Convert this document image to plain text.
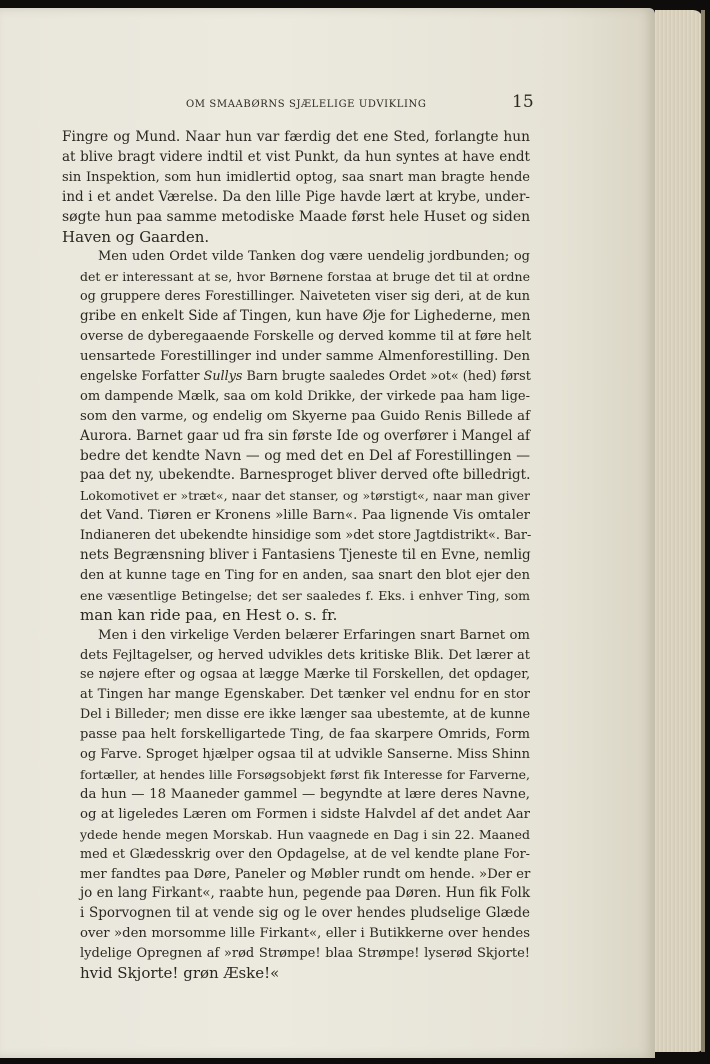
OM SMAABØRNS SJÆLELIGE UDVIKLING	15

Fingre og Mund. Naar hun var færdig det ene Sted, forlangte hun
at blive bragt videre indtil et vist Punkt, da hun syntes at have endt
sin Inspektion, som hun imidlertid optog, saa snart man bragte hende
ind i et andet Værelse. Da den lille Pige havde lært at krybe, under-
søgte hun paa samme metodiske Maade først hele Huset og siden
Haven og Gaarden.

Men uden Ordet vilde Tanken dog være uendelig jordbunden; og
det er interessant at se, hvor Børnene forstaa at bruge det til at ordne
og gruppere deres Forestillinger. Naiveteten viser sig deri, at de kun
gribe en enkelt Side af Tingen, kun have Øje for Lighederne, men
overse de dyberegaaende Forskelle og derved komme til at føre helt
uensartede Forestillinger ind under samme Almenforestilling. Den
engelske Forfatter Sullys Barn brugte saaledes Ordet »ot« (hed) først
om dampende Mælk, saa om kold Drikke, der virkede paa ham lige-
som den varme, og endelig om Skyerne paa Guido Renis Billede af
Aurora. Barnet gaar ud fra sin første Ide og overfører i Mangel af
bedre det kendte Navn — og med det en Del af Forestillingen —
paa det ny, ubekendte. Barnesproget bliver derved ofte billedrigt.
Lokomotivet er »træt«, naar det stanser, og »tørstigt«, naar man giver
det Vand. Tiøren er Kronens »lille Barn«. Paa lignende Vis omtaler
Indianeren det ubekendte hinsidige som »det store Jagtdistrikt«. Bar-
nets Begrænsning bliver i Fantasiens Tjeneste til en Evne, nemlig
den at kunne tage en Ting for en anden, saa snart den blot ejer den
ene væsentlige Betingelse; det ser saaledes f. Eks. i enhver Ting, som
man kan ride paa, en Hest o. s. fr.

Men i den virkelige Verden belærer Erfaringen snart Barnet om
dets Fejltagelser, og herved udvikles dets kritiske Blik. Det lærer at
se nøjere efter og ogsaa at lægge Mærke til Forskellen, det opdager,
at Tingen har mange Egenskaber. Det tænker vel endnu for en stor
Del i Billeder; men disse ere ikke længer saa ubestemte, at de kunne
passe paa helt forskelligartede Ting, de faa skarpere Omrids, Form
og Farve. Sproget hjælper ogsaa til at udvikle Sanserne. Miss Shinn
fortæller, at hendes lille Forsøgsobjekt først fik Interesse for Farverne,
da hun — 18 Maaneder gammel — begyndte at lære deres Navne,
og at ligeledes Læren om Formen i sidste Halvdel af det andet Aar
ydede hende megen Morskab. Hun vaagnede en Dag i sin 22. Maaned
med et Glædesskrig over den Opdagelse, at de vel kendte plane For-
mer fandtes paa Døre, Paneler og Møbler rundt om hende. »Der er
jo en lang Firkant«, raabte hun, pegende paa Døren. Hun fik Folk
i Sporvognen til at vende sig og le over hendes pludselige Glæde
over »den morsomme lille Firkant«, eller i Butikkerne over hendes
lydelige Opregnen af »rød Strømpe! blaa Strømpe! lyserød Skjorte!
hvid Skjorte! grøn Æske!«
